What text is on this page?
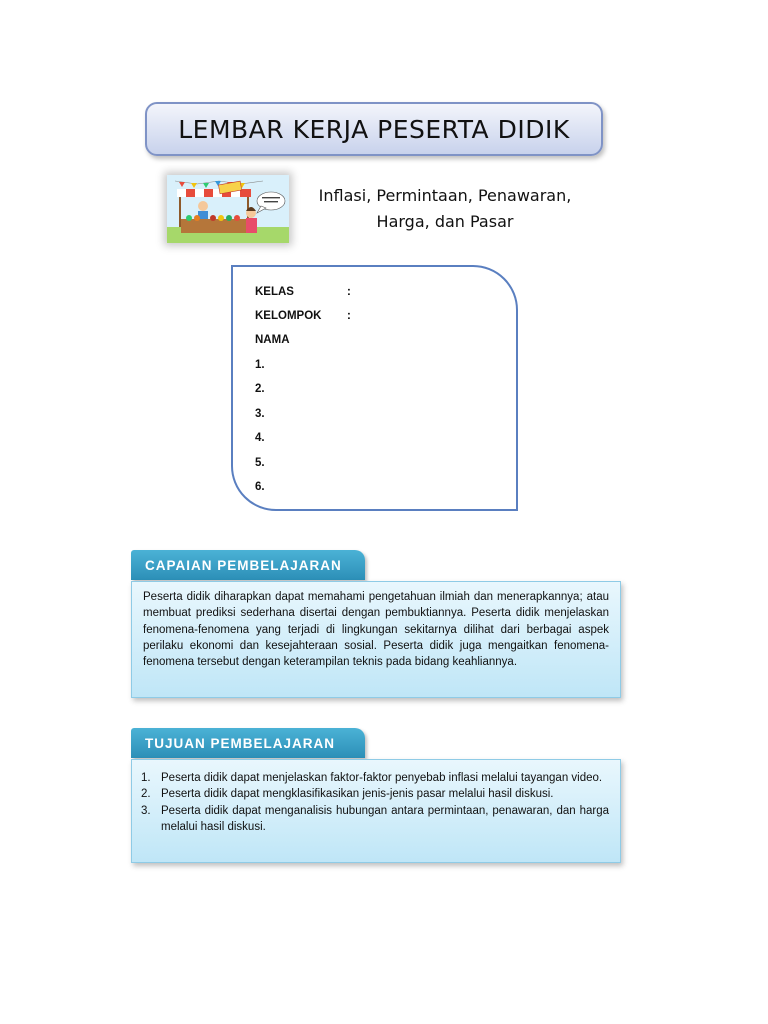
LEMBAR KERJA PESERTA DIDIK
Inflasi, Permintaan, Penawaran,
Harga, dan Pasar
KELAS	:
KELOMPOK :
NAMA
1.
2.
3.
4.
5.
6.
CAPAIAN PEMBELAJARAN
Peserta didik diharapkan dapat memahami pengetahuan ilmiah dan menerapkannya; atau membuat prediksi sederhana disertai dengan pembuktiannya. Peserta didik menjelaskan fenomena-fenomena yang terjadi di lingkungan sekitarnya dilihat dari berbagai aspek perilaku ekonomi dan kesejahteraan sosial. Peserta didik juga mengaitkan fenomena-fenomena tersebut dengan keterampilan teknis pada bidang keahliannya.
TUJUAN PEMBELAJARAN
1. Peserta didik dapat menjelaskan faktor-faktor penyebab inflasi melalui tayangan video.
2. Peserta didik dapat mengklasifikasikan jenis-jenis pasar melalui hasil diskusi.
3. Peserta didik dapat menganalisis hubungan antara permintaan, penawaran, dan harga melalui hasil diskusi.
